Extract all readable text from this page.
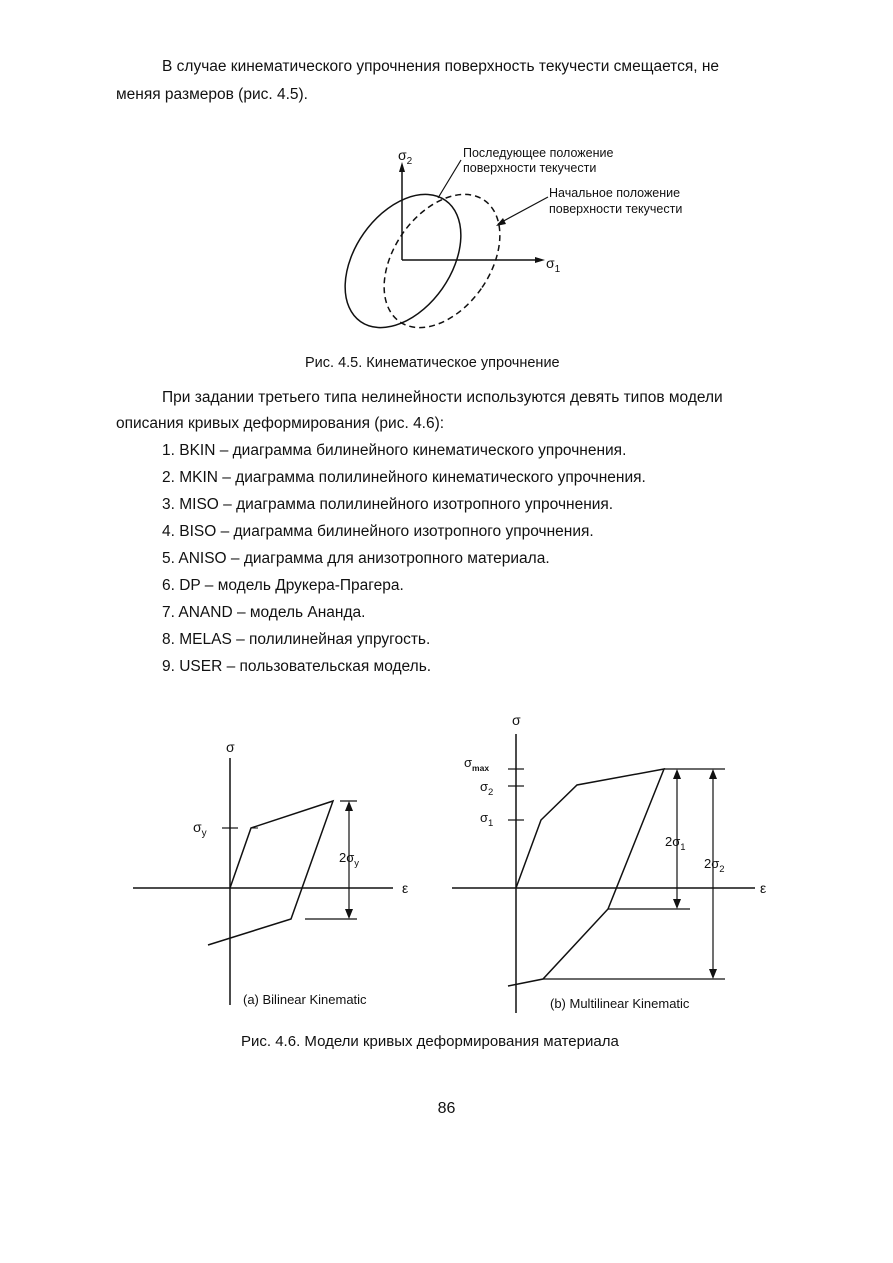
В случае кинематического упрочнения поверхность текучести смещается, не
меняя размеров (рис. 4.5).
$\sigma_2$
$\sigma_1$
Последующее положение
поверхности текучести
Начальное положение
поверхности текучести
Рис. 4.5. Кинематическое упрочнение
При задании третьего типа нелинейности используются девять типов модели
описания кривых деформирования (рис. 4.6):
1. BKIN – диаграмма билинейного кинематического упрочнения.
2. MKIN – диаграмма полилинейного кинематического упрочнения.
3. MISO – диаграмма полилинейного изотропного упрочнения.
4. BISO – диаграмма билинейного изотропного упрочнения.
5. ANISO – диаграмма для анизотропного материала.
6. DP – модель Друкера-Прагера.
7. ANAND – модель Ананда.
8. MELAS – полилинейная упругость.
9. USER – пользовательская модель.
σ
ε
$\sigma_y$
$2\sigma_y$
(a) Bilinear Kinematic
σ
ε
$\sigma_{max}$
$\sigma_2$
$\sigma_1$
$2\sigma_1$
$2\sigma_2$
(b) Multilinear Kinematic
Рис. 4.6. Модели кривых деформирования материала
86
